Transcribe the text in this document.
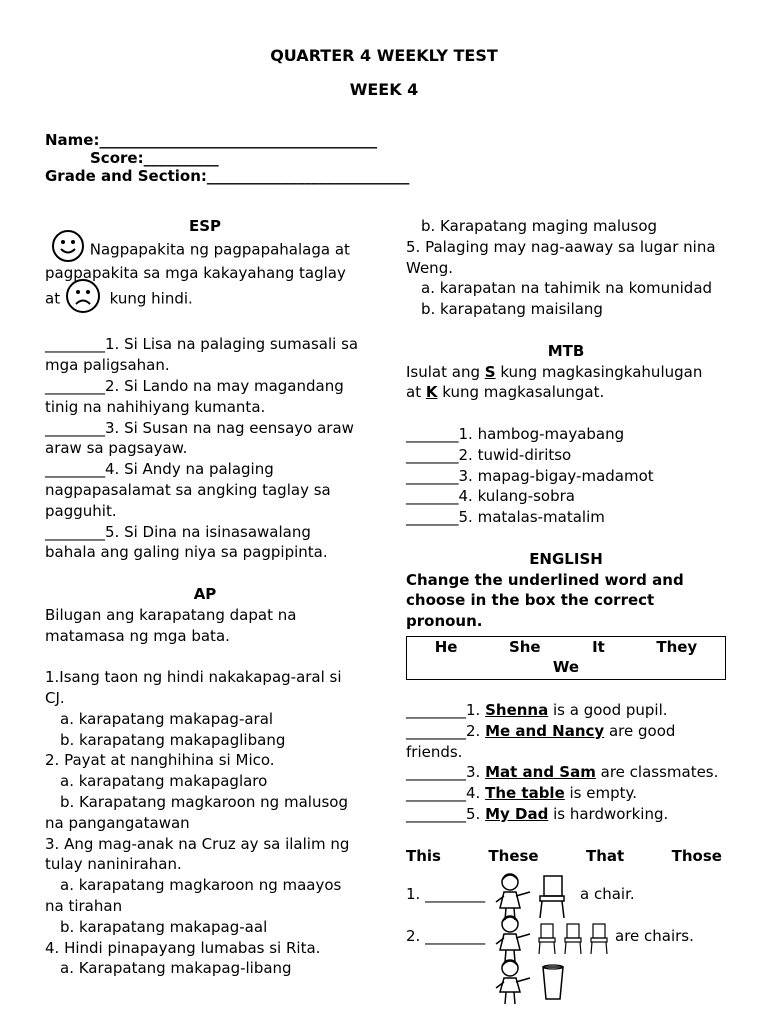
QUARTER 4 WEEKLY TEST
WEEK 4
Name:_____________________________________
Score:__________
Grade and Section:___________________________
ESP
Nagpapakita ng pagpapahalaga at
pagpapakita sa mga kakayahang taglay
at	kung hindi.
________1. Si Lisa na palaging sumasali sa
mga paligsahan.
________2. Si Lando na may magandang
tinig na nahihiyang kumanta.
________3. Si Susan na nag eensayo araw
araw sa pagsayaw.
________4. Si Andy na palaging
nagpapasalamat sa angking taglay sa
pagguhit.
________5. Si Dina na isinasawalang
bahala ang galing niya sa pagpipinta.
AP
Bilugan ang karapatang dapat na
matamasa ng mga bata.
1.Isang taon ng hindi nakakapag-aral si
CJ.
a. karapatang makapag-aral
b. karapatang makapaglibang
2. Payat at nanghihina si Mico.
a. karapatang makapaglaro
b. Karapatang magkaroon ng malusog
na pangangatawan
3. Ang mag-anak na Cruz ay sa ilalim ng
tulay naninirahan.
a. karapatang magkaroon ng maayos
na tirahan
b. karapatang makapag-aal
4. Hindi pinapayang lumabas si Rita.
a. Karapatang makapag-libang
b. Karapatang maging malusog
5. Palaging may nag-aaway sa lugar nina
Weng.
a. karapatan na tahimik na komunidad
b. karapatang maisilang
MTB
Isulat ang S kung magkasingkahulugan
at K kung magkasalungat.
_______1. hambog-mayabang
_______2. tuwid-diritso
_______3. mapag-bigay-madamot
_______4. kulang-sobra
_______5. matalas-matalim
ENGLISH
Change the underlined word and
choose in the box the correct
pronoun.
He	She	It	They
We
________1. Shenna is a good pupil.
________2. Me and Nancy are good
friends.
________3. Mat and Sam are classmates.
________4. The table is empty.
________5. My Dad is hardworking.
This	These	That	Those
1. ________	a chair.
2. ________	are chairs.
